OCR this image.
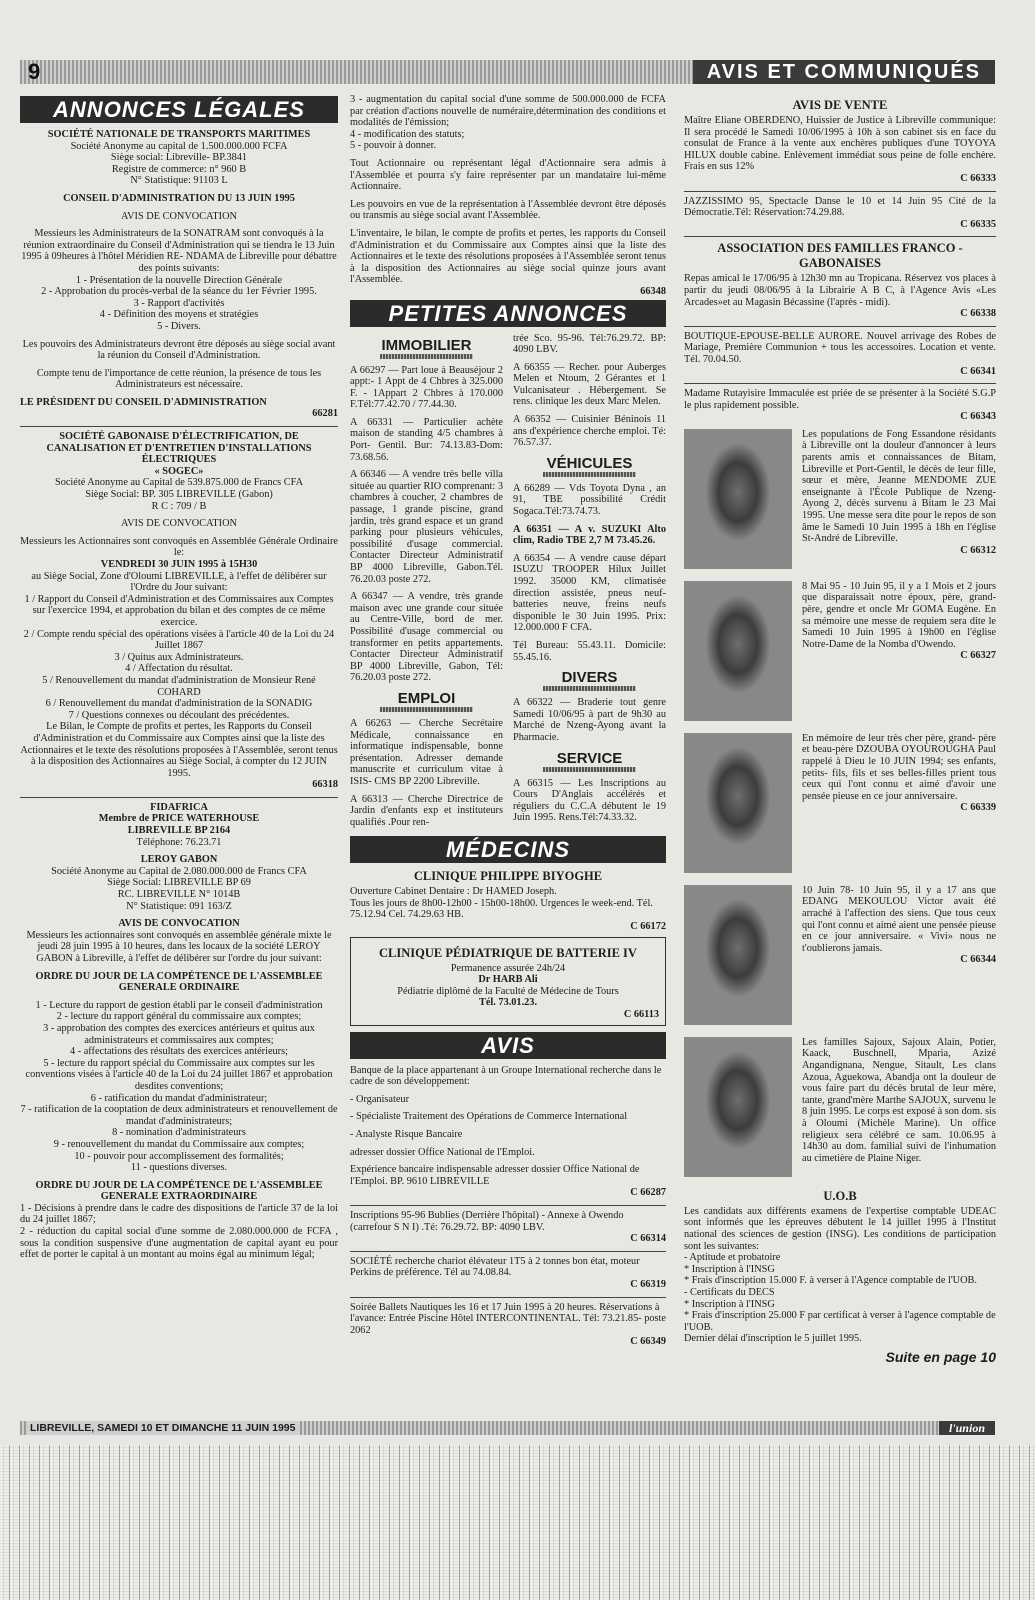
9	AVIS ET COMMUNIQUÉS
ANNONCES LÉGALES
SOCIÉTÉ NATIONALE DE TRANSPORTS MARITIMES
Société Anonyme au capital de 1.500.000.000 FCFA
Siège social: Libreville- BP.3841
Registre de commerce: n° 960 B
N° Statistique: 91103 L
CONSEIL D'ADMINISTRATION DU 13 JUIN 1995
AVIS DE CONVOCATION
Messieurs les Administrateurs de la SONATRAM sont convoqués à la réunion extraordinaire du Conseil d'Administration qui se tiendra le 13 Juin 1995 à 09heures à l'hôtel Méridien RE- NDAMA de Libreville pour débattre des points suivants:
1 - Présentation de la nouvelle Direction Générale
2 - Approbation du procès-verbal de la séance du 1er Février 1995.
3 - Rapport d'activités
4 - Définition des moyens et stratégies
5 - Divers.
Les pouvoirs des Administrateurs devront être déposés au siège social avant la réunion du Conseil d'Administration.
Compte tenu de l'importance de cette réunion, la présence de tous les Administrateurs est nécessaire.
LE PRÉSIDENT DU CONSEIL D'ADMINISTRATION
66281
SOCIÉTÉ GABONAISE D'ÉLECTRIFICATION, DE CANALISATION ET D'ENTRETIEN D'INSTALLATIONS ÉLECTRIQUES
« SOGEC»
Société Anonyme au Capital de 539.875.000 de Francs CFA
Siège Social: BP. 305 LIBREVILLE (Gabon)
R C : 709 / B
AVIS DE CONVOCATION
Messieurs les Actionnaires sont convoqués en Assemblée Générale Ordinaire le:
VENDREDI 30 JUIN 1995 à 15H30
au Siège Social, Zone d'Oloumi LIBREVILLE, à l'effet de délibérer sur l'Ordre du Jour suivant:
1 / Rapport du Conseil d'Administration et des Commissaires aux Comptes sur l'exercice 1994, et approbation du bilan et des comptes de ce même exercice.
2 / Compte rendu spécial des opérations visées à l'article 40 de la Loi du 24 Juillet 1867
3 / Quitus aux Administrateurs.
4 / Affectation du résultat.
5 / Renouvellement du mandat d'administration de Monsieur René COHARD
6 / Renouvellement du mandat d'administration de la SONADIG
7 / Questions connexes ou découlant des précédentes.
Le Bilan, le Compte de profits et pertes, les Rapports du Conseil d'Administration et du Commissaire aux Comptes ainsi que la liste des Actionnaires et le texte des résolutions proposées à l'Assemblée, seront tenus à la disposition des Actionnaires au Siège Social, à compter du 12 JUIN 1995.
66318
FIDAFRICA
Membre de PRICE WATERHOUSE
LIBREVILLE BP 2164
Téléphone: 76.23.71
LEROY GABON
Société Anonyme au Capital de 2.080.000.000 de Francs CFA
Siège Social: LIBREVILLE BP 69
RC. LIBREVILLE N° 1014B
N° Statistique: 091 163/Z
AVIS DE CONVOCATION
Messieurs les actionnaires sont convoqués en assemblée générale mixte le jeudi 28 juin 1995 à 10 heures, dans les locaux de la société LEROY GABON à Libreville, à l'effet de délibérer sur l'ordre du jour suivant:
ORDRE DU JOUR DE LA COMPÉTENCE DE L'ASSEMBLEE GENERALE ORDINAIRE
1 - Lecture du rapport de gestion établi par le conseil d'administration
2 - lecture du rapport général du commissaire aux comptes;
3 - approbation des comptes des exercices antérieurs et quitus aux administrateurs et commissaires aux comptes;
4 - affectations des résultats des exercices antérieurs;
5 - lecture du rapport spécial du Commissaire aux comptes sur les conventions visées à l'article 40 de la Loi du 24 juillet 1867 et approbation desdites conventions;
6 - ratification du mandat d'administrateur;
7 - ratification de la cooptation de deux administrateurs et renouvellement de mandat d'administrateurs;
8 - nomination d'administrateurs
9 - renouvellement du mandat du Commissaire aux comptes;
10 - pouvoir pour accomplissement des formalités;
11 - questions diverses.
ORDRE DU JOUR DE LA COMPÉTENCE DE L'ASSEMBLEE GENERALE EXTRAORDINAIRE
1 - Décisions à prendre dans le cadre des dispositions de l'article 37 de la loi du 24 juillet 1867;
2 - réduction du capital social d'une somme de 2.080.000.000 de FCFA , sous la condition suspensive d'une augmentation de capital ayant eu pour effet de porter le capital à un montant au moins égal au minimum légal;
3 - augmentation du capital social d'une somme de 500.000.000 de FCFA par création d'actions nouvelle de numéraire,détermination des conditions et modalités de l'émission;
4 - modification des statuts;
5 - pouvoir à donner.
Tout Actionnaire ou représentant légal d'Actionnaire sera admis à l'Assemblée et pourra s'y faire représenter par un mandataire lui-même Actionnaire.
Les pouvoirs en vue de la représentation à l'Assemblée devront être déposés ou transmis au siège social avant l'Assemblée.
L'inventaire, le bilan, le compte de profits et pertes, les rapports du Conseil d'Administration et du Commissaire aux Comptes ainsi que la liste des Actionnaires et le texte des résolutions proposées à l'Assemblée seront tenus à la disposition des Actionnaires au siège social quinze jours avant l'Assemblée.
66348
PETITES ANNONCES
IMMOBILIER
A 66297 — Part loue à Beauséjour 2 appt:- 1 Appt de 4 Chbres à 325.000 F. - 1Appart 2 Chbres à 170.000 F.Tél:77.42.70 / 77.44.30.
A 66331 — Particulier achète maison de standing 4/5 chambres à Port- Gentil. Bur: 74.13.83-Dom: 73.68.56.
A 66346 — A vendre très belle villa située au quartier RIO comprenant: 3 chambres à coucher, 2 chambres de passage, 1 grande piscine, grand jardin, très grand espace et un grand parking pour plusieurs véhicules, possibilité d'usage commercial. Contacter Directeur Administratif BP 4000 Libreville, Gabon.Tél. 76.20.03 poste 272.
A 66347 — A vendre, très grande maison avec une grande cour située au Centre-Ville, bord de mer. Possibilité d'usage commercial ou transformer en petits appartements. Contacter Directeur Administratif BP 4000 Libreville, Gabon, Tél: 76.20.03 poste 272.
EMPLOI
A 66263 — Cherche Secrétaire Médicale, connaissance en informatique indispensable, bonne présentation. Adresser demande manuscrite et curriculum vitae à ISIS- CMS BP 2200 Libreville.
A 66313 — Cherche Directrice de Jardin d'enfants exp et instituteurs qualifiés .Pour ren-
trée Sco. 95-96. Tél:76.29.72. BP: 4090 LBV.
A 66355 — Recher. pour Auberges Melen et Ntoum, 2 Gérantes et 1 Vulcanisateur . Hébergement. Se rens. clinique les deux Marc Melen.
A 66352 — Cuisinier Béninois 11 ans d'expérience cherche emploi. Té: 76.57.37.
VÉHICULES
A 66289 — Vds Toyota Dyna , an 91, TBE possibilité Crédit Sogaca.Tél:73.74.73.
A 66351 — A v. SUZUKI Alto clim, Radio TBE 2,7 M 73.45.26.
A 66354 — A vendre cause départ ISUZU TROOPER Hilux Juillet 1992. 35000 KM, climatisée direction assistée, pneus neuf- batteries neuve, freins neufs disponible le 30 Juin 1995. Prix: 12.000.000 F CFA.
Tél Bureau: 55.43.11. Domicile: 55.45.16.
DIVERS
A 66322 — Braderie tout genre Samedi 10/06/95 à part de 9h30 au Marché de Nzeng-Ayong avant la Pharmacie.
SERVICE
A 66315 — Les Inscriptions au Cours D'Anglais accélérés et réguliers du C.C.A débutent le 19 Juin 1995. Rens.Tél:74.33.32.
MÉDECINS
CLINIQUE PHILIPPE BIYOGHE
Ouverture Cabinet Dentaire : Dr HAMED Joseph.
Tous les jours de 8h00-12h00 - 15h00-18h00. Urgences le week-end. Tél. 75.12.94 Cel. 74.29.63 HB.
C 66172
CLINIQUE PÉDIATRIQUE DE BATTERIE IV
Permanence assurée 24h/24
Dr HARB Ali
Pédiatrie diplômé de la Faculté de Médecine de Tours
Tél. 73.01.23.
C 66113
AVIS
Banque de la place appartenant à un Groupe International recherche dans le cadre de son développement:
- Organisateur
- Spécialiste Traitement des Opérations de Commerce International
- Analyste Risque Bancaire
adresser dossier Office National de l'Emploi.
Expérience bancaire indispensable adresser dossier Office National de l'Emploi. BP. 9610 LIBREVILLE
C 66287
Inscriptions 95-96 Bublies (Derrière l'hôpital) - Annexe à Owendo (carrefour S N I) .Té: 76.29.72. BP: 4090 LBV.
C 66314
SOCIÉTÉ recherche chariot élévateur 1T5 à 2 tonnes bon état, moteur Perkins de préférence. Tél au 74.08.84.
C 66319
Soirée Ballets Nautiques les 16 et 17 Juin 1995 à 20 heures. Réservations à l'avance: Entrée Piscine Hôtel INTERCONTINENTAL. Tél: 73.21.85- poste 2062
C 66349
AVIS DE VENTE
Maître Eliane OBERDENO, Huissier de Justice à Libreville communique: Il sera procédé le Samedi 10/06/1995 à 10h à son cabinet sis en face du consulat de France à la vente aux enchères publiques d'une TOYOYA HILUX double cabine. Enlèvement immédiat sous peine de folle enchère. Frais en sus 12%
C 66333
JAZZISSIMO 95, Spectacle Danse le 10 et 14 Juin 95 Cité de la Démocratie.Tél: Réservation:74.29.88.
C 66335
ASSOCIATION DES FAMILLES FRANCO - GABONAISES
Repas amical le 17/06/95 à 12h30 mn au Tropicana. Réservez vos places à partir du jeudi 08/06/95 à la Librairie A B C, à l'Agence Avis «Les Arcades»et au Magasin Bécassine (l'après - midi).
C 66338
BOUTIQUE-EPOUSE-BELLE AURORE. Nouvel arrivage des Robes de Mariage, Première Communion + tous les accessoires. Location et vente. Tél. 70.04.50.
C 66341
Madame Rutayisire Immaculée est priée de se présenter à la Société S.G.P le plus rapidement possible.
C 66343
Les populations de Fong Essandone résidants à Libreville ont la douleur d'annoncer à leurs parents amis et connaissances de Bitam, Libreville et Port-Gentil, le décès de leur fille, sœur et mère, Jeanne MENDOME ZUE enseignante à l'École Publique de Nzeng-Ayong 2, décès survenu à Bitam le 23 Mai 1995. Une messe sera dite pour le repos de son âme le Samedi 10 Juin 1995 à 18h en l'église St-André de Libreville.
C 66312
8 Mai 95 - 10 Juin 95, il y a 1 Mois et 2 jours que disparaissait notre époux, père, grand-père, gendre et oncle Mr GOMA Eugène. En sa mémoire une messe de requiem sera dite le Samedi 10 Juin 1995 à 19h00 en l'église Notre-Dame de la Nomba d'Owendo.
C 66327
En mémoire de leur très cher père, grand- père et beau-père DZOUBA OYOUROUGHA Paul rappelé à Dieu le 10 JUIN 1994; ses enfants, petits- fils, fils et ses belles-filles prient tous ceux qui l'ont connu et aimé d'avoir une pensée pieuse en ce jour anniversaire.
C 66339
10 Juin 78- 10 Juin 95, il y a 17 ans que EDANG MEKOULOU Victor avait été arraché à l'affection des siens. Que tous ceux qui l'ont connu et aimé aient une pensée pieuse en ce jour anniversaire. « Vivi» nous ne t'oublierons jamais.
C 66344
Les familles Sajoux, Sajoux Alain, Potier, Kaack, Buschnell, Mparia, Azizé Angandignana, Nengue, Sitault, Les clans Azoua, Aguekowa, Abandja ont la douleur de vous faire part du décès brutal de leur mère, tante, grand'mère Marthe SAJOUX, survenu le 8 juin 1995. Le corps est exposé à son dom. sis à Oloumi (Michèle Marine). Un office religieux sera célébré ce sam. 10.06.95 à 14h30 au dom. familial suivi de l'inhumation au cimetière de Plaine Niger.
U.O.B
Les candidats aux différents examens de l'expertise comptable UDEAC sont informés que les épreuves débutent le 14 juillet 1995 à l'Institut national des sciences de gestion (INSG). Les conditions de participation sont les suivantes:
- Aptitude et probatoire
* Inscription à l'INSG
* Frais d'inscription 15.000 F. à verser à l'Agence comptable de l'UOB.
- Certificats du DECS
* Inscription à l'INSG
* Frais d'inscription 25.000 F par certificat à verser à l'agence comptable de l'UOB.
Dernier délai d'inscription le 5 juillet 1995.
Suite en page 10
LIBREVILLE, SAMEDI 10 ET DIMANCHE 11 JUIN 1995	l'union
